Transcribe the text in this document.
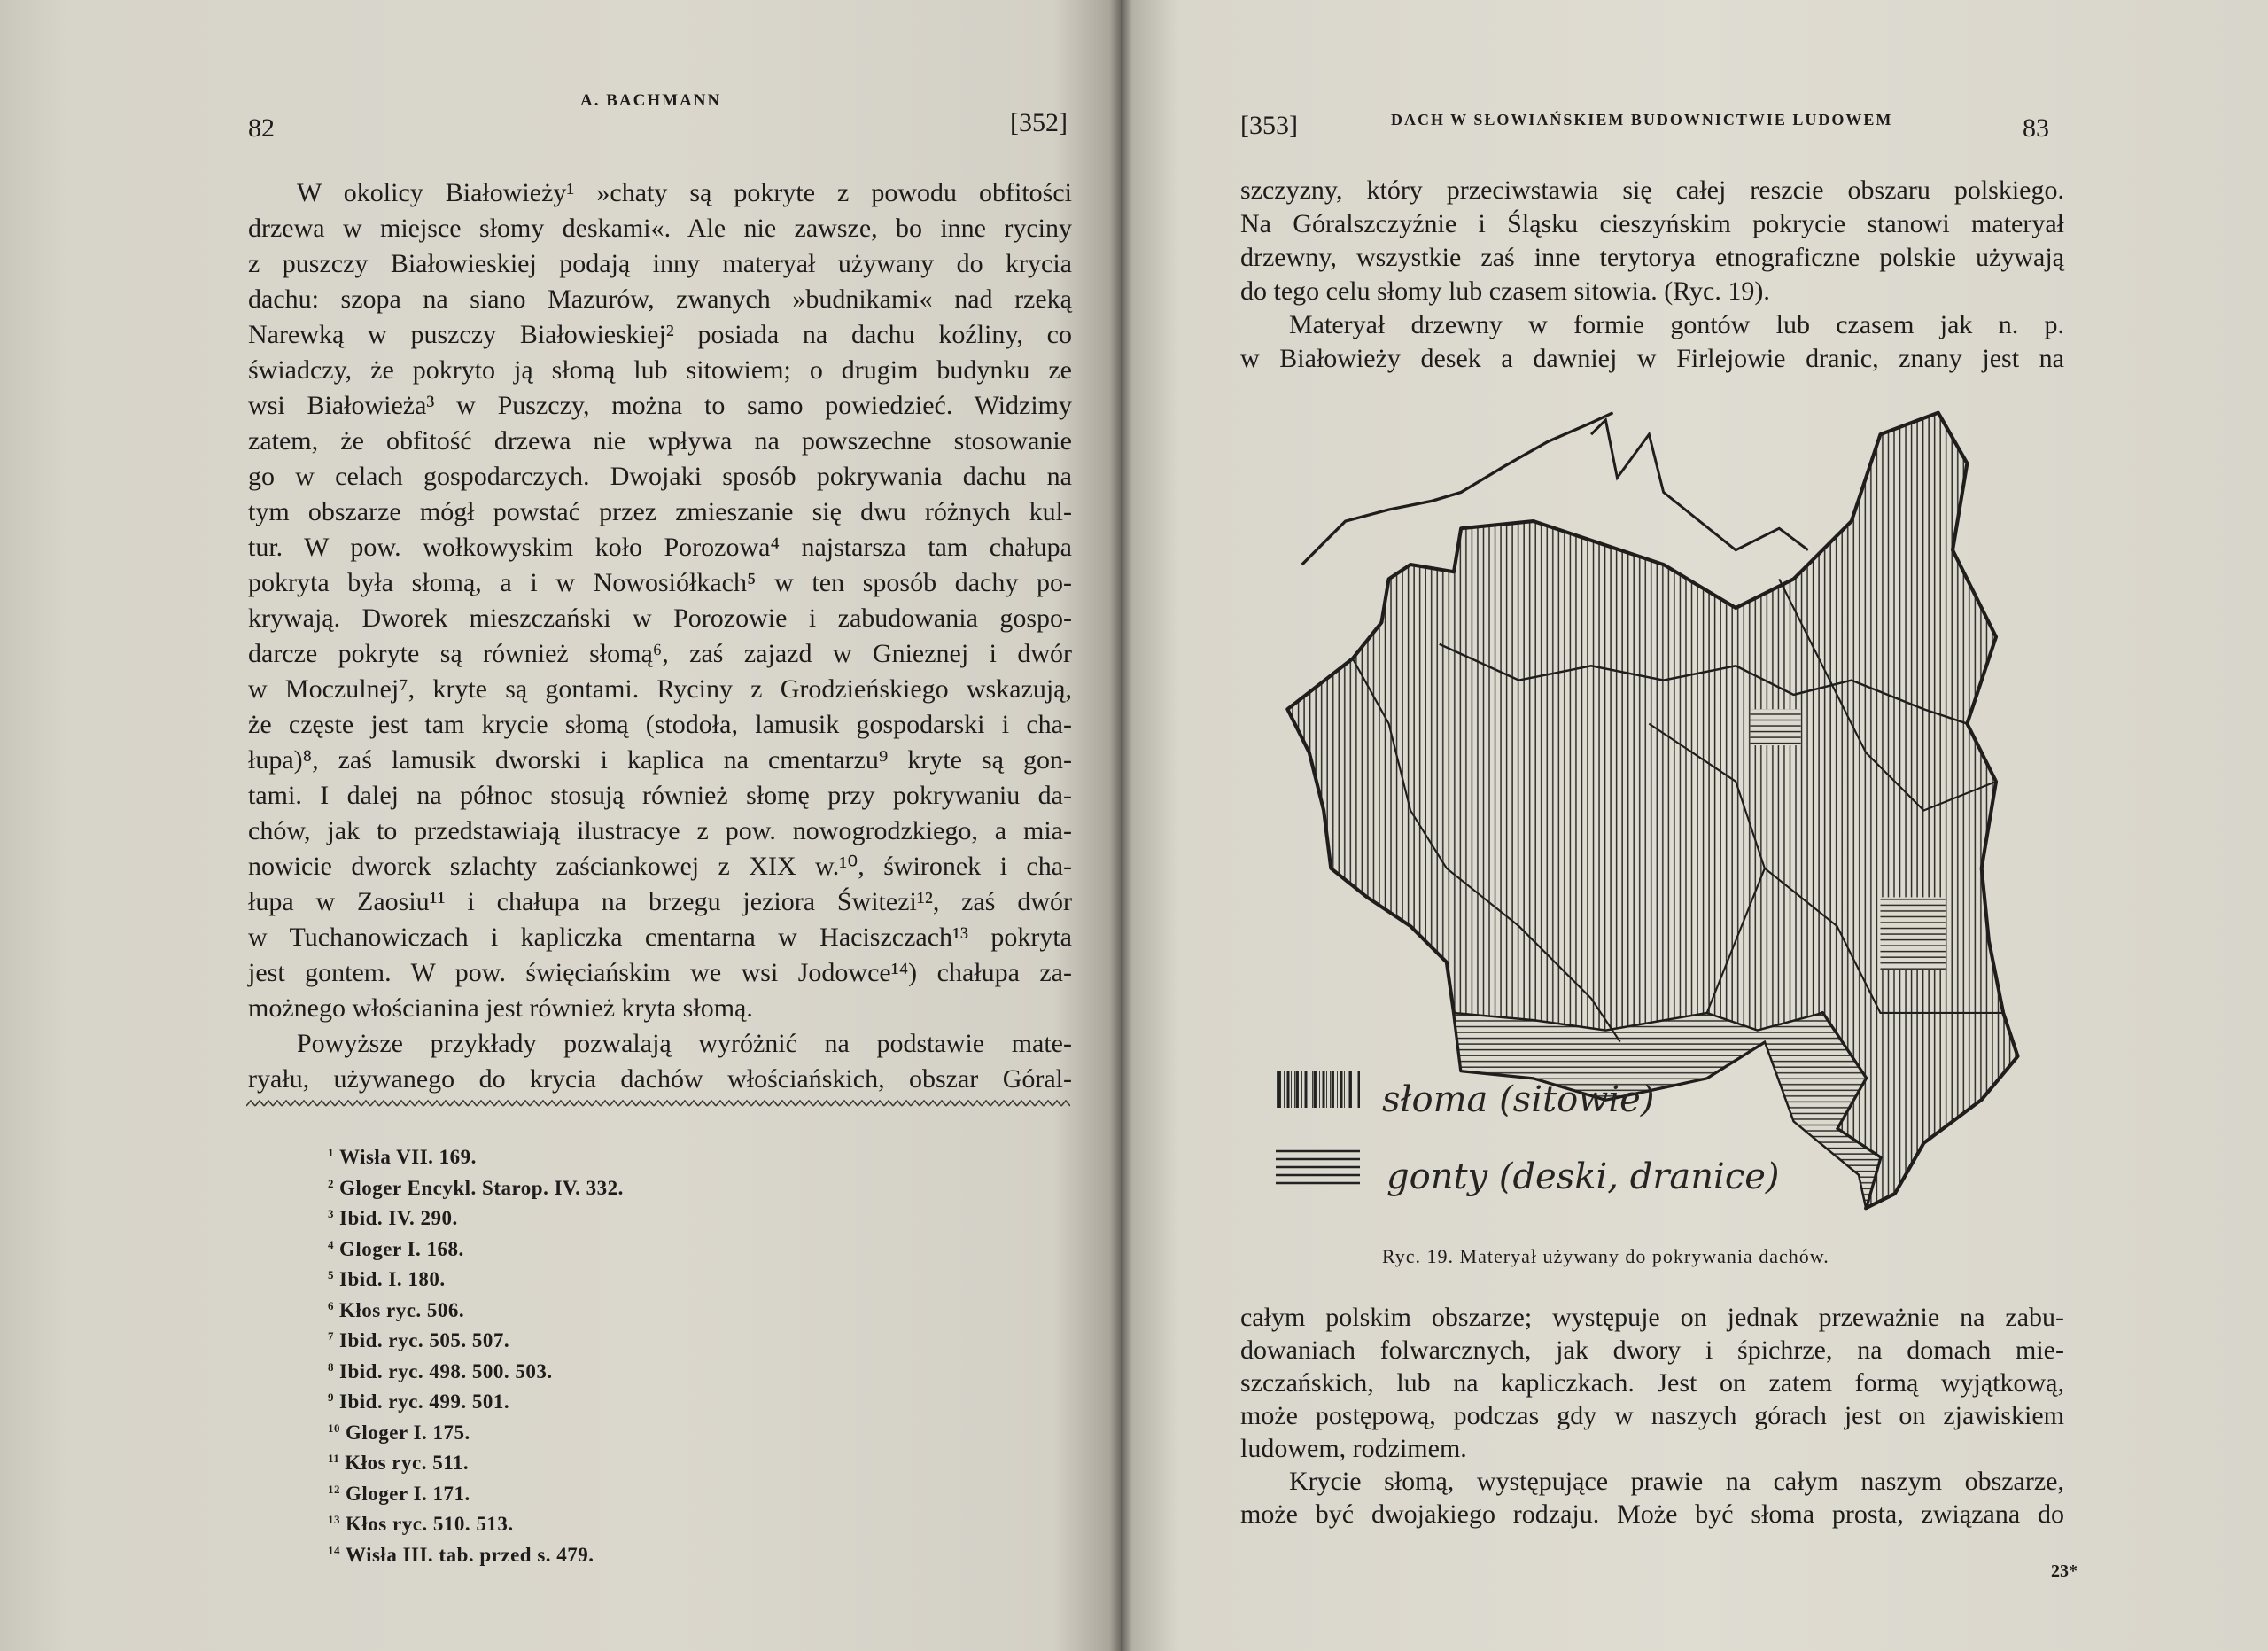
82
A. BACHMANN
[352]
W okolicy Białowieży¹ »chaty są pokryte z powodu obfitości
drzewa w miejsce słomy deskami«. Ale nie zawsze, bo inne ryciny
z puszczy Białowieskiej podają inny materyał używany do krycia
dachu: szopa na siano Mazurów, zwanych »budnikami« nad rzeką
Narewką w puszczy Białowieskiej² posiada na dachu koźliny, co
świadczy, że pokryto ją słomą lub sitowiem; o drugim budynku ze
wsi Białowieża³ w Puszczy, można to samo powiedzieć. Widzimy
zatem, że obfitość drzewa nie wpływa na powszechne stosowanie
go w celach gospodarczych. Dwojaki sposób pokrywania dachu na
tym obszarze mógł powstać przez zmieszanie się dwu różnych kul-
tur. W pow. wołkowyskim koło Porozowa⁴ najstarsza tam chałupa
pokryta była słomą, a i w Nowosiółkach⁵ w ten sposób dachy po-
krywają. Dworek mieszczański w Porozowie i zabudowania gospo-
darcze pokryte są również słomą⁶, zaś zajazd w Gnieznej i dwór
w Moczulnej⁷, kryte są gontami. Ryciny z Grodzieńskiego wskazują,
że częste jest tam krycie słomą (stodoła, lamusik gospodarski i cha-
łupa)⁸, zaś lamusik dworski i kaplica na cmentarzu⁹ kryte są gon-
tami. I dalej na północ stosują również słomę przy pokrywaniu da-
chów, jak to przedstawiają ilustracye z pow. nowogrodzkiego, a mia-
nowicie dworek szlachty zaściankowej z XIX w.¹⁰, świronek i cha-
łupa w Zaosiu¹¹ i chałupa na brzegu jeziora Świtezi¹², zaś dwór
w Tuchanowiczach i kapliczka cmentarna w Haciszczach¹³ pokryta
jest gontem. W pow. święciańskim we wsi Jodowce¹⁴) chałupa za-
możnego włościanina jest również kryta słomą.
Powyższe przykłady pozwalają wyróżnić na podstawie mate-
ryału, używanego do krycia dachów włościańskich, obszar Góral-
$^1$ Wisła VII. 169.
$^2$ Gloger Encykl. Starop. IV. 332.
$^3$ Ibid. IV. 290.
$^4$ Gloger I. 168.
$^5$ Ibid. I. 180.
$^6$ Kłos ryc. 506.
$^7$ Ibid. ryc. 505. 507.
$^8$ Ibid. ryc. 498. 500. 503.
$^9$ Ibid. ryc. 499. 501.
$^{10}$ Gloger I. 175.
$^{11}$ Kłos ryc. 511.
$^{12}$ Gloger I. 171.
$^{13}$ Kłos ryc. 510. 513.
$^{14}$ Wisła III. tab. przed s. 479.
[353]	DACH W SŁOWIAŃSKIEM BUDOWNICTWIE LUDOWEM	83
szczyzny, który przeciwstawia się całej reszcie obszaru polskiego.
Na Góralszczyźnie i Śląsku cieszyńskim pokrycie stanowi materyał
drzewny, wszystkie zaś inne terytorya etnograficzne polskie używają
do tego celu słomy lub czasem sitowia. (Ryc. 19).
Materyał drzewny w formie gontów lub czasem jak n. p.
w Białowieży desek a dawniej w Firlejowie dranic, znany jest na
słoma (sitowie)
gonty (deski, dranice)
Ryc. 19. Materyał używany do pokrywania dachów.
całym polskim obszarze; występuje on jednak przeważnie na zabu-
dowaniach folwarcznych, jak dwory i śpichrze, na domach mie-
szczańskich, lub na kapliczkach. Jest on zatem formą wyjątkową,
może postępową, podczas gdy w naszych górach jest on zjawiskiem
ludowem, rodzimem.
Krycie słomą, występujące prawie na całym naszym obszarze,
może być dwojakiego rodzaju. Może być słoma prosta, związana do
23*
